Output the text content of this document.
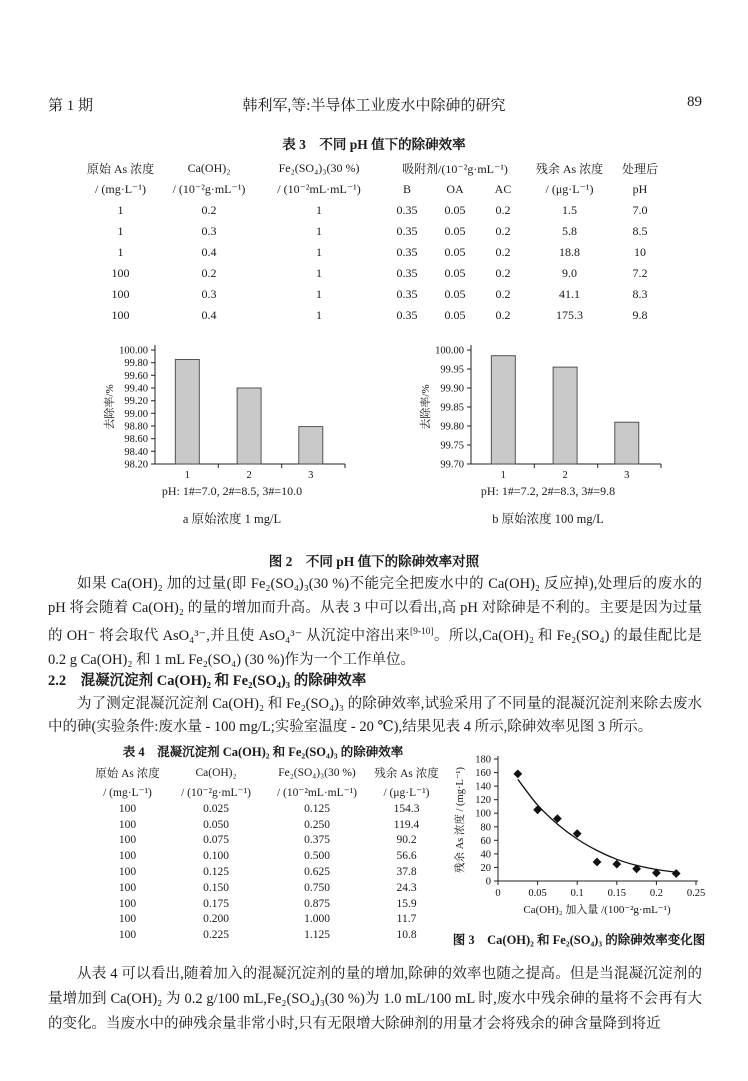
第 1 期	韩利军,等:半导体工业废水中除砷的研究	89
表 3　不同 pH 值下的除砷效率
原始 As 浓度	Ca(OH)₂	Fe₂(SO₄)₃(30 %)	吸附剂/(10⁻²g·mL⁻¹)			残余 As 浓度	处理后
/ (mg·L⁻¹)	/ (10⁻²g·mL⁻¹)	/ (10⁻²mL·mL⁻¹)	B	OA	AC	/ (μg·L⁻¹)	pH
1	0.2	1	0.35	0.05	0.2	1.5	7.0
1	0.3	1	0.35	0.05	0.2	5.8	8.5
1	0.4	1	0.35	0.05	0.2	18.8	10
100	0.2	1	0.35	0.05	0.2	9.0	7.2
100	0.3	1	0.35	0.05	0.2	41.1	8.3
100	0.4	1	0.35	0.05	0.2	175.3	9.8
98.20
98.40
98.60
98.80
99.00
99.20
99.40
99.60
99.80
100.00
1	2	3
去除率/%
pH: 1#=7.0, 2#=8.5, 3#=10.0
a 原始浓度 1 mg/L
99.70
99.75
99.80
99.85
99.90
99.95
100.00
1	2	3
去除率/%
pH: 1#=7.2, 2#=8.3, 3#=9.8
b 原始浓度 100 mg/L
图 2　不同 pH 值下的除砷效率对照

如果 Ca(OH)₂ 加的过量(即 Fe₂(SO₄)₃(30 %)不能完全把废水中的 Ca(OH)₂ 反应掉),处理后的废水的 pH 将会随着 Ca(OH)₂ 的量的增加而升高。从表 3 中可以看出,高 pH 对除砷是不利的。主要是因为过量的 OH⁻ 将会取代 AsO₄³⁻,并且使 AsO₄³⁻ 从沉淀中溶出来[9-10]。所以,Ca(OH)₂ 和 Fe₂(SO₄) 的最佳配比是 0.2 g Ca(OH)₂ 和 1 mL Fe₂(SO₄) (30 %)作为一个工作单位。

2.2　混凝沉淀剂 Ca(OH)₂ 和 Fe₂(SO₄)₃ 的除砷效率

为了测定混凝沉淀剂 Ca(OH)₂ 和 Fe₂(SO₄)₃ 的除砷效率,试验采用了不同量的混凝沉淀剂来除去废水中的砷(实验条件:废水量 - 100 mg/L;实验室温度 - 20 ℃),结果见表 4 所示,除砷效率见图 3 所示。

表 4　混凝沉淀剂 Ca(OH)₂ 和 Fe₂(SO₄)₃ 的除砷效率
原始 As 浓度	Ca(OH)₂	Fe₂(SO₄)₃(30 %)	残余 As 浓度
/ (mg·L⁻¹)	/ (10⁻²g·mL⁻¹)	/ (10⁻²mL·mL⁻¹)	/ (μg·L⁻¹)
100	0.025	0.125	154.3
100	0.050	0.250	119.4
100	0.075	0.375	90.2
100	0.100	0.500	56.6
100	0.125	0.625	37.8
100	0.150	0.750	24.3
100	0.175	0.875	15.9
100	0.200	1.000	11.7
100	0.225	1.125	10.8
0
20
40
60
80
100
120
140
160
180
0	0.05 0.1 0.15 0.2 0.25
Ca(OH)₂ 加入量 /(100⁻²g·mL⁻¹)
残余 As 浓度 / (mg·L⁻¹)
图 3　Ca(OH)₂ 和 Fe₂(SO₄)₃ 的除砷效率变化图

从表 4 可以看出,随着加入的混凝沉淀剂的量的增加,除砷的效率也随之提高。但是当混凝沉淀剂的量增加到 Ca(OH)₂ 为 0.2 g/100 mL,Fe₂(SO₄)₃(30 %)为 1.0 mL/100 mL 时,废水中残余砷的量将不会再有大的变化。当废水中的砷残余量非常小时,只有无限增大除砷剂的用量才会将残余的砷含量降到将近
